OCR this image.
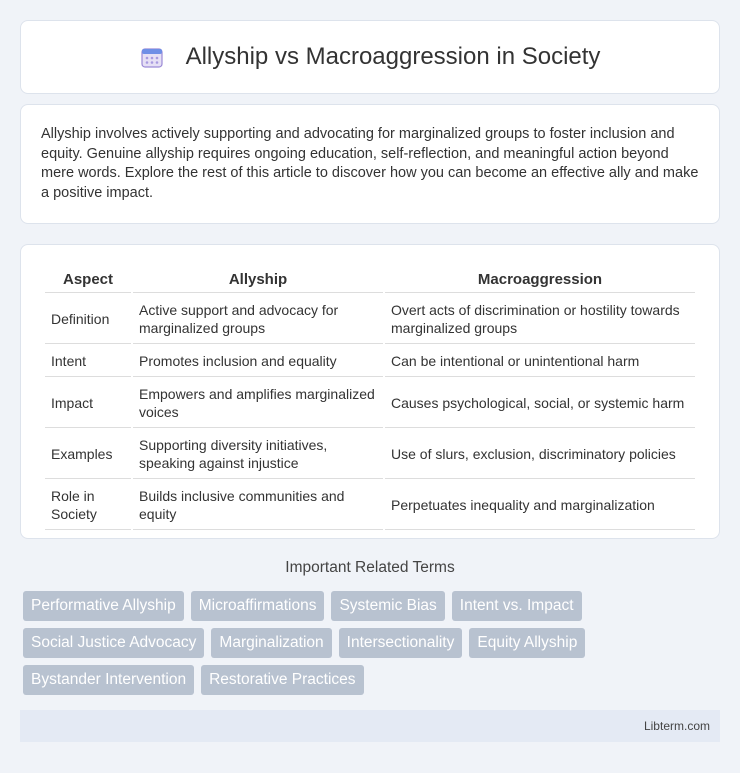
Allyship vs Macroaggression in Society

Allyship involves actively supporting and advocating for marginalized groups to foster inclusion and equity. Genuine allyship requires ongoing education, self-reflection, and meaningful action beyond mere words. Explore the rest of this article to discover how you can become an effective ally and make a positive impact.

Aspect	Allyship	Macroaggression
Definition	Active support and advocacy for marginalized groups	Overt acts of discrimination or hostility towards marginalized groups
Intent	Promotes inclusion and equality	Can be intentional or unintentional harm
Impact	Empowers and amplifies marginalized voices	Causes psychological, social, or systemic harm
Examples	Supporting diversity initiatives, speaking against injustice	Use of slurs, exclusion, discriminatory policies
Role in Society	Builds inclusive communities and equity	Perpetuates inequality and marginalization
Important Related Terms
Performative Allyship	Microaffirmations	Systemic Bias	Intent vs. Impact
Social Justice Advocacy	Marginalization	Intersectionality	Equity Allyship
Bystander Intervention	Restorative Practices
Libterm.com
